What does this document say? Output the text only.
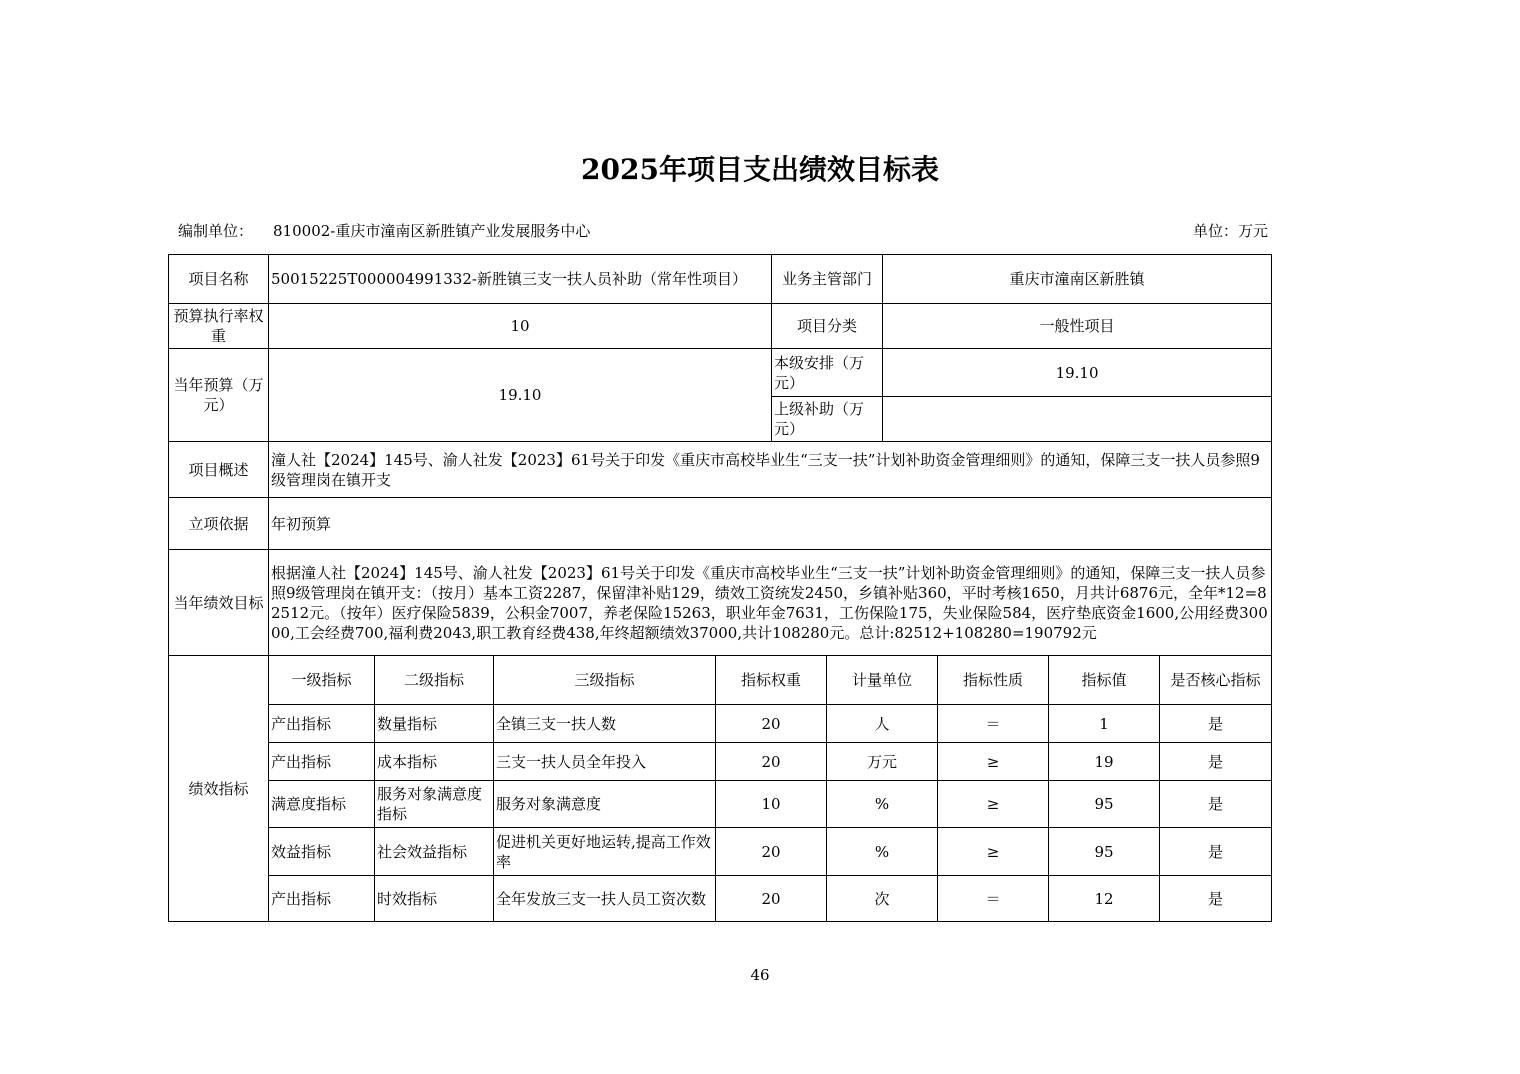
2025年项目支出绩效目标表
编制单位： 810002-重庆市潼南区新胜镇产业发展服务中心	单位：万元
项目名称	50015225T000004991332-新胜镇三支一扶人员补助（常年性项目）				业务主管部门		重庆市潼南区新胜镇			
预算执行率权重	10				项目分类		一般性项目			
当年预算（万元）	19.10				本级安排（万元）		19.10			
					上级补助（万元）					
项目概述	潼人社【2024】145号、渝人社发【2023】61号关于印发《重庆市高校毕业生“三支一扶”计划补助资金管理细则》的通知，保障三支一扶人员参照9级管理岗在镇开支									
立项依据	年初预算									
当年绩效目标	根据潼人社【2024】145号、渝人社发【2023】61号关于印发《重庆市高校毕业生“三支一扶”计划补助资金管理细则》的通知，保障三支一扶人员参照9级管理岗在镇开支：（按月）基本工资2287，保留津补贴129，绩效工资统发2450，乡镇补贴360，平时考核1650，月共计6876元，全年*12=82512元。（按年）医疗保险5839，公积金7007，养老保险15263，职业年金7631，工伤保险175，失业保险584，医疗垫底资金1600,公用经费30000,工会经费700,福利费2043,职工教育经费438,年终超额绩效37000,共计108280元。总计:82512+108280=190792元									
绩效指标	一级指标	二级指标	三级指标	指标权重		计量单位		指标性质	指标值	是否核心指标
	产出指标	数量指标	全镇三支一扶人数	20		人		＝	1	是
	产出指标	成本指标	三支一扶人员全年投入	20		万元		≥	19	是
	满意度指标	服务对象满意度指标	服务对象满意度	10		%		≥	95	是
	效益指标	社会效益指标	促进机关更好地运转,提高工作效率	20		%		≥	95	是
	产出指标	时效指标	全年发放三支一扶人员工资次数	20		次		＝	12	是
46
